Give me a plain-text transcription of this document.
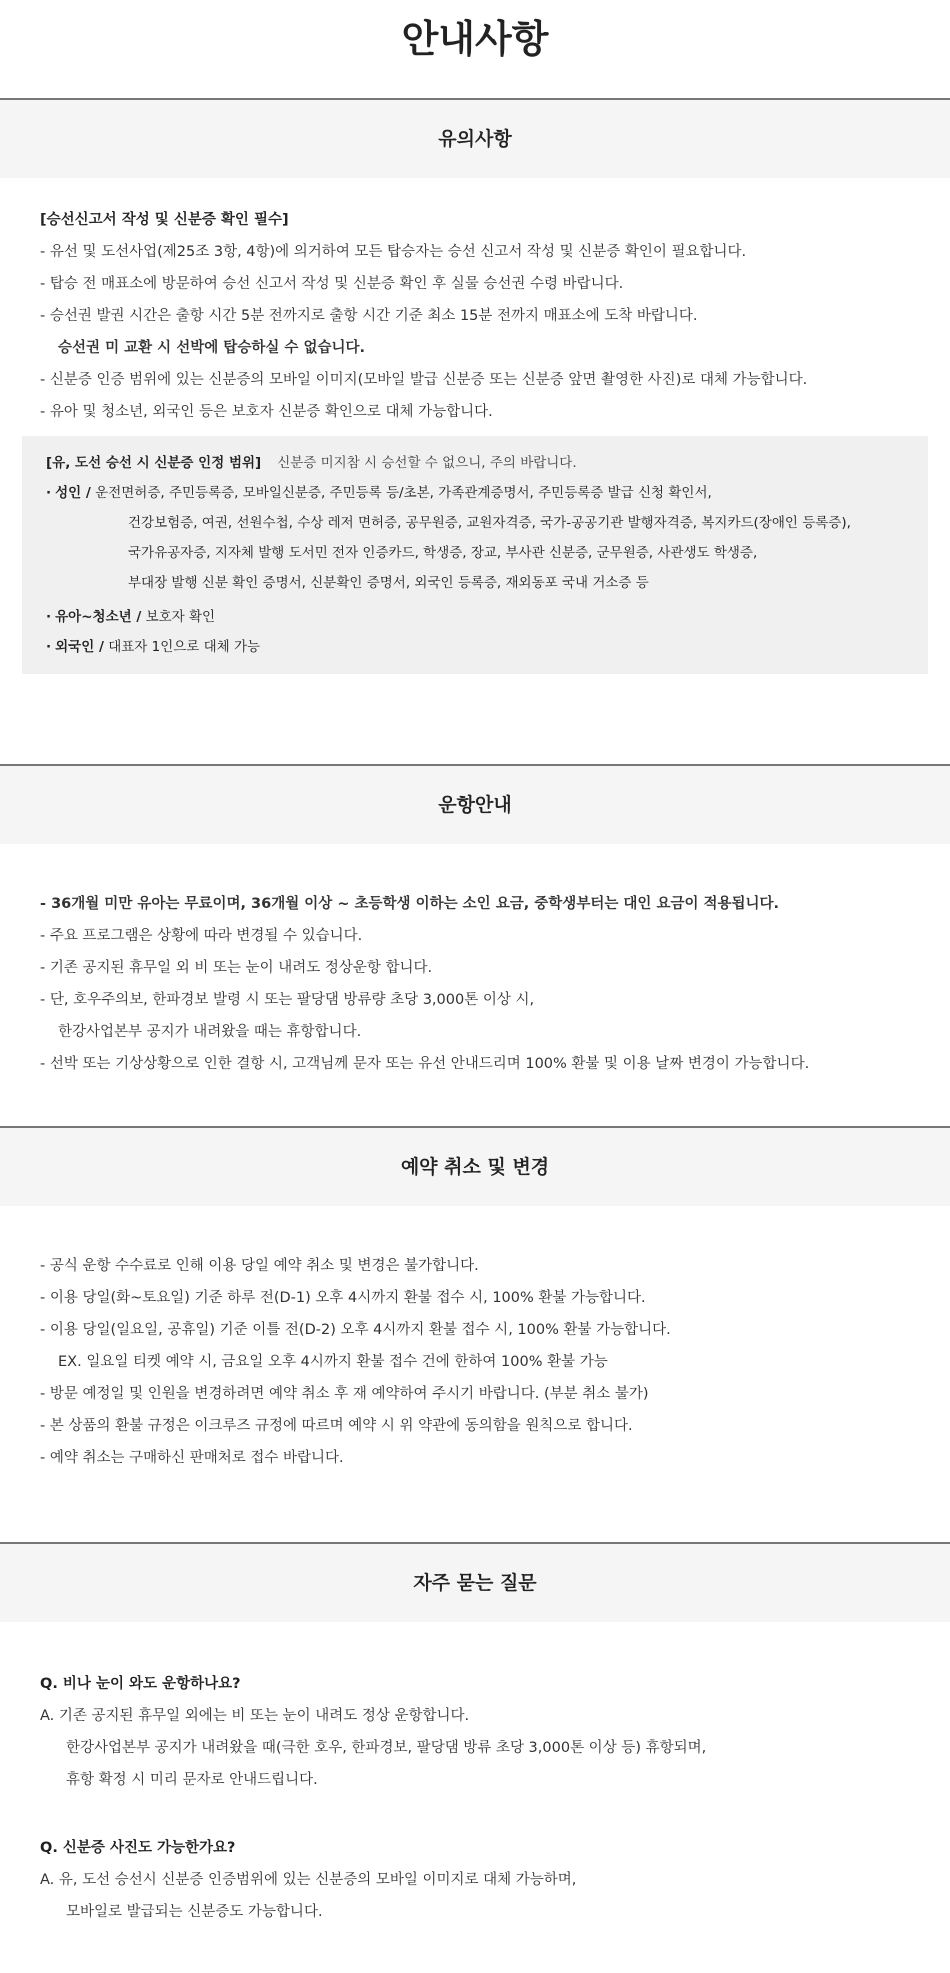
안내사항
유의사항
[승선신고서 작성 및 신분증 확인 필수]
- 유선 및 도선사업(제25조 3항, 4항)에 의거하여 모든 탑승자는 승선 신고서 작성 및 신분증 확인이 필요합니다.
- 탑승 전 매표소에 방문하여 승선 신고서 작성 및 신분증 확인 후 실물 승선권 수령 바랍니다.
- 승선권 발권 시간은 출항 시간 5분 전까지로 출항 시간 기준 최소 15분 전까지 매표소에 도착 바랍니다.
승선권 미 교환 시 선박에 탑승하실 수 없습니다.
- 신분증 인증 범위에 있는 신분증의 모바일 이미지(모바일 발급 신분증 또는 신분증 앞면 촬영한 사진)로 대체 가능합니다.
- 유아 및 청소년, 외국인 등은 보호자 신분증 확인으로 대체 가능합니다.
[유, 도선 승선 시 신분증 인정 범위] 신분증 미지참 시 승선할 수 없으니, 주의 바랍니다.
· 성인 / 운전면허증, 주민등록증, 모바일신분증, 주민등록 등/초본, 가족관계증명서, 주민등록증 발급 신청 확인서,
건강보험증, 여권, 선원수첩, 수상 레저 면허증, 공무원증, 교원자격증, 국가-공공기관 발행자격증, 복지카드(장애인 등록증),
국가유공자증, 지자체 발행 도서민 전자 인증카드, 학생증, 장교, 부사관 신분증, 군무원증, 사관생도 학생증,
부대장 발행 신분 확인 증명서, 신분확인 증명서, 외국인 등록증, 재외동포 국내 거소증 등
· 유아~청소년 / 보호자 확인
· 외국인 / 대표자 1인으로 대체 가능
운항안내
- 36개월 미만 유아는 무료이며, 36개월 이상 ~ 초등학생 이하는 소인 요금, 중학생부터는 대인 요금이 적용됩니다.
- 주요 프로그램은 상황에 따라 변경될 수 있습니다.
- 기존 공지된 휴무일 외 비 또는 눈이 내려도 정상운항 합니다.
- 단, 호우주의보, 한파경보 발령 시 또는 팔당댐 방류량 초당 3,000톤 이상 시,
한강사업본부 공지가 내려왔을 때는 휴항합니다.
- 선박 또는 기상상황으로 인한 결항 시, 고객님께 문자 또는 유선 안내드리며 100% 환불 및 이용 날짜 변경이 가능합니다.
예약 취소 및 변경
- 공식 운항 수수료로 인해 이용 당일 예약 취소 및 변경은 불가합니다.
- 이용 당일(화~토요일) 기준 하루 전(D-1) 오후 4시까지 환불 접수 시, 100% 환불 가능합니다.
- 이용 당일(일요일, 공휴일) 기준 이틀 전(D-2) 오후 4시까지 환불 접수 시, 100% 환불 가능합니다.
EX. 일요일 티켓 예약 시, 금요일 오후 4시까지 환불 접수 건에 한하여 100% 환불 가능
- 방문 예정일 및 인원을 변경하려면 예약 취소 후 재 예약하여 주시기 바랍니다. (부분 취소 불가)
- 본 상품의 환불 규정은 이크루즈 규정에 따르며 예약 시 위 약관에 동의함을 원칙으로 합니다.
- 예약 취소는 구매하신 판매처로 접수 바랍니다.
자주 묻는 질문
Q. 비나 눈이 와도 운항하나요?
A. 기존 공지된 휴무일 외에는 비 또는 눈이 내려도 정상 운항합니다.
한강사업본부 공지가 내려왔을 때(극한 호우, 한파경보, 팔당댐 방류 초당 3,000톤 이상 등) 휴항되며,
휴항 확정 시 미리 문자로 안내드립니다.
Q. 신분증 사진도 가능한가요?
A. 유, 도선 승선시 신분증 인증범위에 있는 신분증의 모바일 이미지로 대체 가능하며,
모바일로 발급되는 신분증도 가능합니다.
